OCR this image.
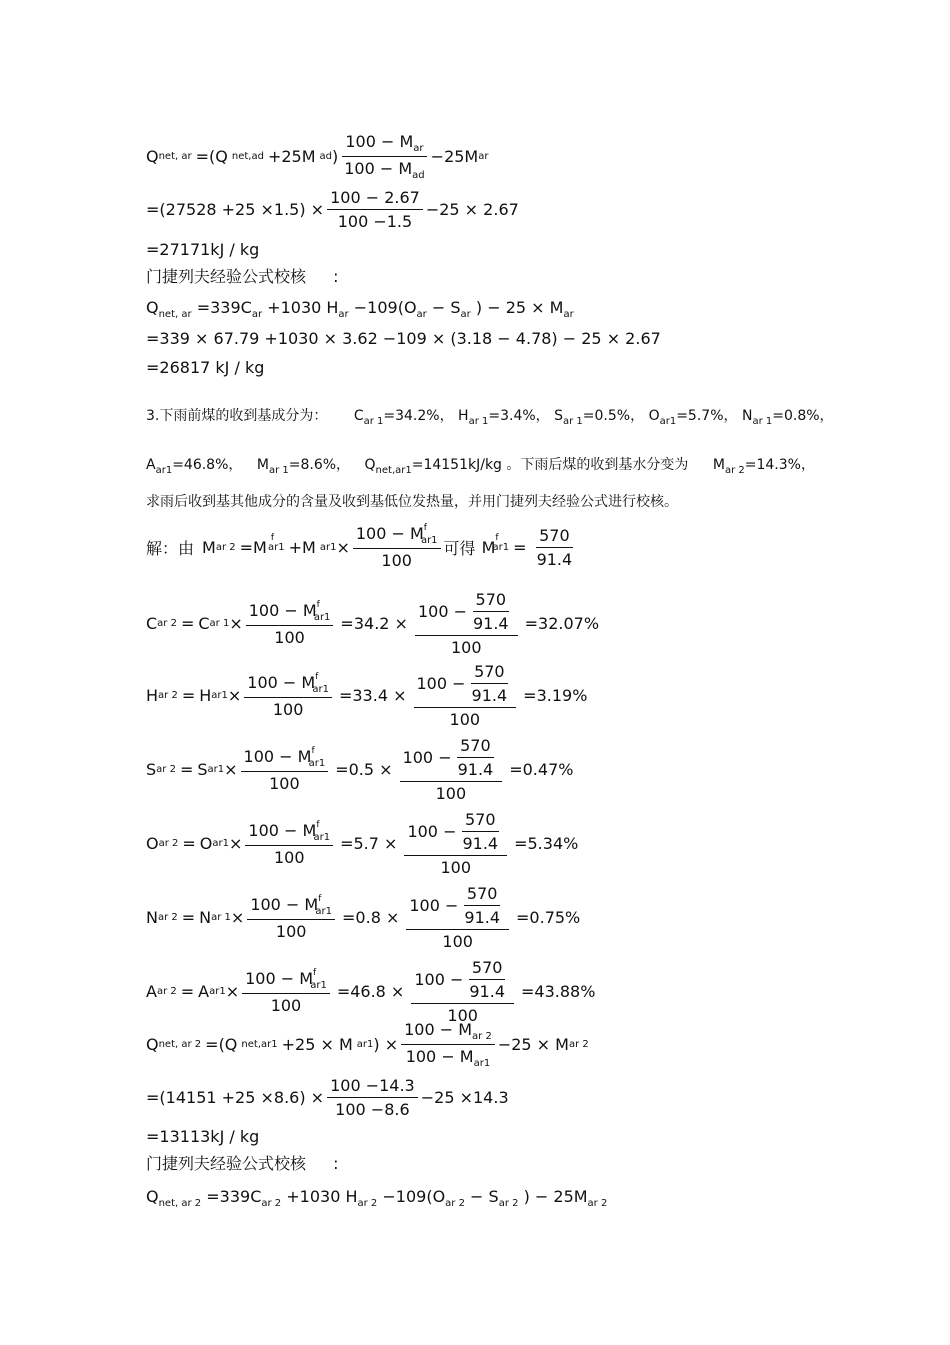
Q net, ar =(Q net,ad +25M ad ) $\frac{100 - M_{ar}}{100 - M_{ad}} -25M$ ar
$=(27528 +25 \times 1.5) \times \frac{100 - 2.67}{100 -1.5} -25 \times 2.67$
=27171kJ / kg
门捷列夫经验公式校核 :
$Q_{net, ar} =339C_{ar} +1030$ $H_{ar} -109(O_{ar} - S_{ar}$ ) − $25 \times M_{ar}$
=339 × 67.79 +1030 × 3.62 −109 × (3.18 − 4.78) − 25 × 2.67
=26817 kJ / kg
3.下雨前煤的收到基成分为： $C_{ar 1}=34.2\%$， $H_{ar 1}=3.4\%$， $S_{ar 1}=0.5\%$， $O_{ar1}=5.7\%$， $N_{ar 1}=0.8\%$，
$A_{ar1}=46.8\%$， $M_{ar 1}=8.6\%$， $Q_{net,ar1}=14151kJ/kg$ 。下雨后煤的收到基水分变为 $M_{ar 2}=14.3\%$，
求雨后收到基其他成分的含量及收到基低位发热量，并用门捷列夫经验公式进行校核。
解：由 M ar 2 =M f
ar1 +M $ar1 \times \frac{100 - M^f_{ar1}}{100}$ 可得 M f
$ar1 = \frac{570}{91.4}$
C ar 2 = C ar $1 \times \frac{100 - M^f_{ar1}}{100} =34.2 \times \frac{100 - \frac{570}{91.4}}{100} =32.07\%$
H ar 2 = H $ar1 \times \frac{100 - M^f_{ar1}}{100} =33.4 \times \frac{100 - \frac{570}{91.4}}{100} =3.19\%$
S ar 2 = S $ar1 \times \frac{100 - M^f_{ar1}}{100} =0.5 \times \frac{100 - \frac{570}{91.4}}{100} =0.47\%$
O ar 2 = O $ar1 \times \frac{100 - M^f_{ar1}}{100} =5.7 \times \frac{100 - \frac{570}{91.4}}{100} =5.34\%$
N ar 2 = N ar $1 \times \frac{100 - M^f_{ar1}}{100} =0.8 \times \frac{100 - \frac{570}{91.4}}{100} =0.75\%$
A ar 2 = A $ar1 \times \frac{100 - M^f_{ar1}}{100} =46.8 \times \frac{100 - \frac{570}{91.4}}{100} =43.88\%$
Q net, ar 2 =(Q net,ar1 +25 × M ar1 ) × $\frac{100 - M_{ar 2}}{100 - M_{ar1}} -25 \times M$ ar 2
$=(14151 +25 \times 8.6) \times \frac{100 -14.3}{100 -8.6} -25 \times 14.3$
=13113kJ / kg
门捷列夫经验公式校核 :
$Q_{net, ar 2} =339C_{ar 2} +1030$ $H_{ar 2} -109(O_{ar 2} - S_{ar 2}$ ) − $25M_{ar 2}$
